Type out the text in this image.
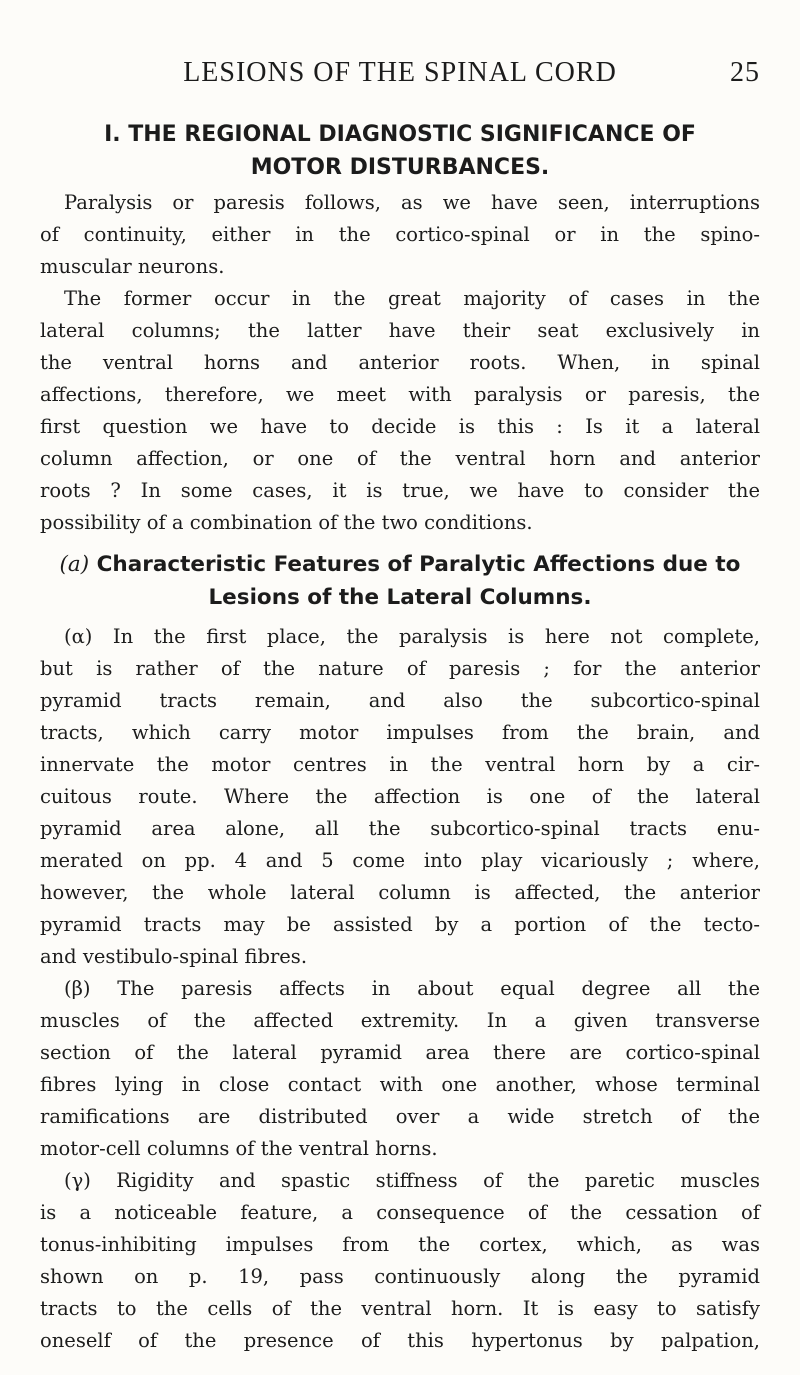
LESIONS OF THE SPINAL CORD	25
I. THE REGIONAL DIAGNOSTIC SIGNIFICANCE OF
MOTOR DISTURBANCES.
Paralysis or paresis follows, as we have seen, interruptions
of continuity, either in the cortico-spinal or in the spino-
muscular neurons.
The former occur in the great majority of cases in the
lateral columns; the latter have their seat exclusively in
the ventral horns and anterior roots. When, in spinal
affections, therefore, we meet with paralysis or paresis, the
first question we have to decide is this : Is it a lateral
column affection, or one of the ventral horn and anterior
roots ? In some cases, it is true, we have to consider the
possibility of a combination of the two conditions.
(a) Characteristic Features of Paralytic Affections due to
Lesions of the Lateral Columns.
(α) In the first place, the paralysis is here not complete,
but is rather of the nature of paresis ; for the anterior
pyramid tracts remain, and also the subcortico-spinal
tracts, which carry motor impulses from the brain, and
innervate the motor centres in the ventral horn by a cir-
cuitous route. Where the affection is one of the lateral
pyramid area alone, all the subcortico-spinal tracts enu-
merated on pp. 4 and 5 come into play vicariously ; where,
however, the whole lateral column is affected, the anterior
pyramid tracts may be assisted by a portion of the tecto-
and vestibulo-spinal fibres.
(β) The paresis affects in about equal degree all the
muscles of the affected extremity. In a given transverse
section of the lateral pyramid area there are cortico-spinal
fibres lying in close contact with one another, whose terminal
ramifications are distributed over a wide stretch of the
motor-cell columns of the ventral horns.
(γ) Rigidity and spastic stiffness of the paretic muscles
is a noticeable feature, a consequence of the cessation of
tonus-inhibiting impulses from the cortex, which, as was
shown on p. 19, pass continuously along the pyramid
tracts to the cells of the ventral horn. It is easy to satisfy
oneself of the presence of this hypertonus by palpation,
